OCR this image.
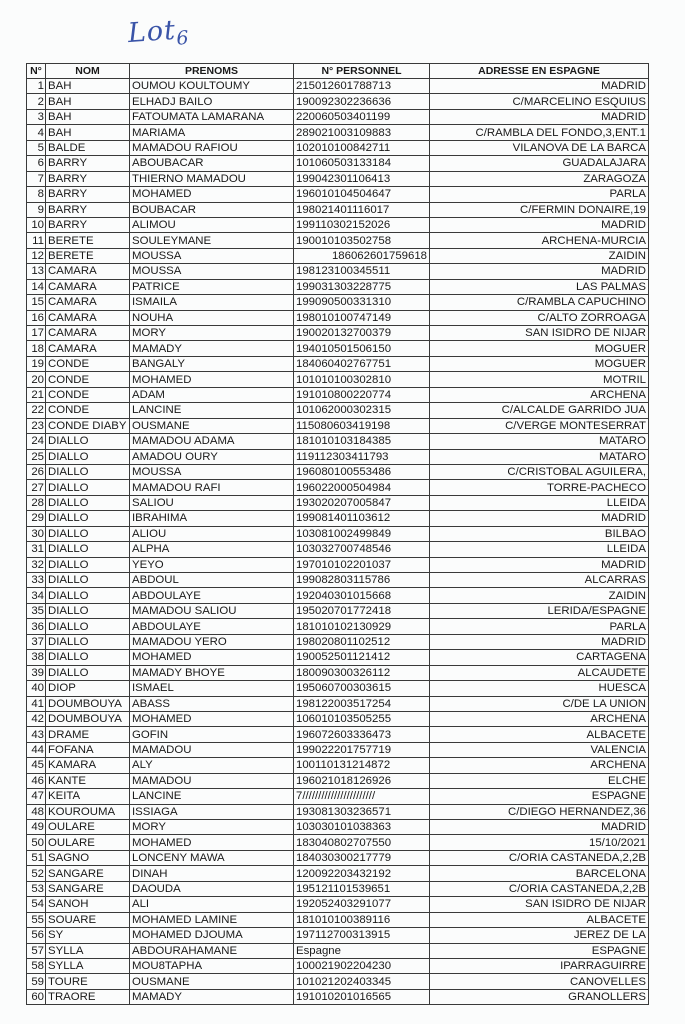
Lot$_6$
N°	NOM	PRENOMS	N° PERSONNEL	ADRESSE EN ESPAGNE
1	BAH	OUMOU KOULTOUMY	215012601788713	MADRID
2	BAH	ELHADJ BAILO	190092302236636	C/MARCELINO ESQUIUS
3	BAH	FATOUMATA LAMARANA	220060503401199	MADRID
4	BAH	MARIAMA	289021003109883	C/RAMBLA DEL FONDO,3,ENT.1
5	BALDE	MAMADOU RAFIOU	102010100842711	VILANOVA DE LA BARCA
6	BARRY	ABOUBACAR	101060503133184	GUADALAJARA
7	BARRY	THIERNO MAMADOU	199042301106413	ZARAGOZA
8	BARRY	MOHAMED	196010104504647	PARLA
9	BARRY	BOUBACAR	198021401116017	C/FERMIN DONAIRE,19
10	BARRY	ALIMOU	199110302152026	MADRID
11	BERETE	SOULEYMANE	190010103502758	ARCHENA-MURCIA
12	BERETE	MOUSSA	186062601759618	ZAIDIN
13	CAMARA	MOUSSA	198123100345511	MADRID
14	CAMARA	PATRICE	199031303228775	LAS PALMAS
15	CAMARA	ISMAILA	199090500331310	C/RAMBLA CAPUCHINO
16	CAMARA	NOUHA	198010100747149	C/ALTO ZORROAGA
17	CAMARA	MORY	190020132700379	SAN ISIDRO DE NIJAR
18	CAMARA	MAMADY	194010501506150	MOGUER
19	CONDE	BANGALY	184060402767751	MOGUER
20	CONDE	MOHAMED	101010100302810	MOTRIL
21	CONDE	ADAM	191010800220774	ARCHENA
22	CONDE	LANCINE	101062000302315	C/ALCALDE GARRIDO JUA
23	CONDE DIABY	OUSMANE	115080603419198	C/VERGE MONTESERRAT
24	DIALLO	MAMADOU ADAMA	181010103184385	MATARO
25	DIALLO	AMADOU OURY	119112303411793	MATARO
26	DIALLO	MOUSSA	196080100553486	C/CRISTOBAL AGUILERA,
27	DIALLO	MAMADOU RAFI	196022000504984	TORRE-PACHECO
28	DIALLO	SALIOU	193020207005847	LLEIDA
29	DIALLO	IBRAHIMA	199081401103612	MADRID
30	DIALLO	ALIOU	103081002499849	BILBAO
31	DIALLO	ALPHA	103032700748546	LLEIDA
32	DIALLO	YEYO	197010102201037	MADRID
33	DIALLO	ABDOUL	199082803115786	ALCARRAS
34	DIALLO	ABDOULAYE	192040301015668	ZAIDIN
35	DIALLO	MAMADOU SALIOU	195020701772418	LERIDA/ESPAGNE
36	DIALLO	ABDOULAYE	181010102130929	PARLA
37	DIALLO	MAMADOU YERO	198020801102512	MADRID
38	DIALLO	MOHAMED	190052501121412	CARTAGENA
39	DIALLO	MAMADY BHOYE	180090300326112	ALCAUDETE
40	DIOP	ISMAEL	195060700303615	HUESCA
41	DOUMBOUYA	ABASS	198122003517254	C/DE LA UNION
42	DOUMBOUYA	MOHAMED	106010103505255	ARCHENA
43	DRAME	GOFIN	196072603336473	ALBACETE
44	FOFANA	MAMADOU	199022201757719	VALENCIA
45	KAMARA	ALY	100110131214872	ARCHENA
46	KANTE	MAMADOU	196021018126926	ELCHE
47	KEITA	LANCINE	7///////////////////////	ESPAGNE
48	KOUROUMA	ISSIAGA	193081303236571	C/DIEGO HERNANDEZ,36
49	OULARE	MORY	103030101038363	MADRID
50	OULARE	MOHAMED	183040802707550	15/10/2021
51	SAGNO	LONCENY MAWA	184030300217779	C/ORIA CASTANEDA,2,2B
52	SANGARE	DINAH	120092203432192	BARCELONA
53	SANGARE	DAOUDA	195121101539651	C/ORIA CASTANEDA,2,2B
54	SANOH	ALI	192052403291077	SAN ISIDRO DE NIJAR
55	SOUARE	MOHAMED LAMINE	181010100389116	ALBACETE
56	SY	MOHAMED DJOUMA	197112700313915	JEREZ DE LA
57	SYLLA	ABDOURAHAMANE	Espagne	ESPAGNE
58	SYLLA	MOU8TAPHA	100021902204230	IPARRAGUIRRE
59	TOURE	OUSMANE	101021202403345	CANOVELLES
60	TRAORE	MAMADY	191010201016565	GRANOLLERS
